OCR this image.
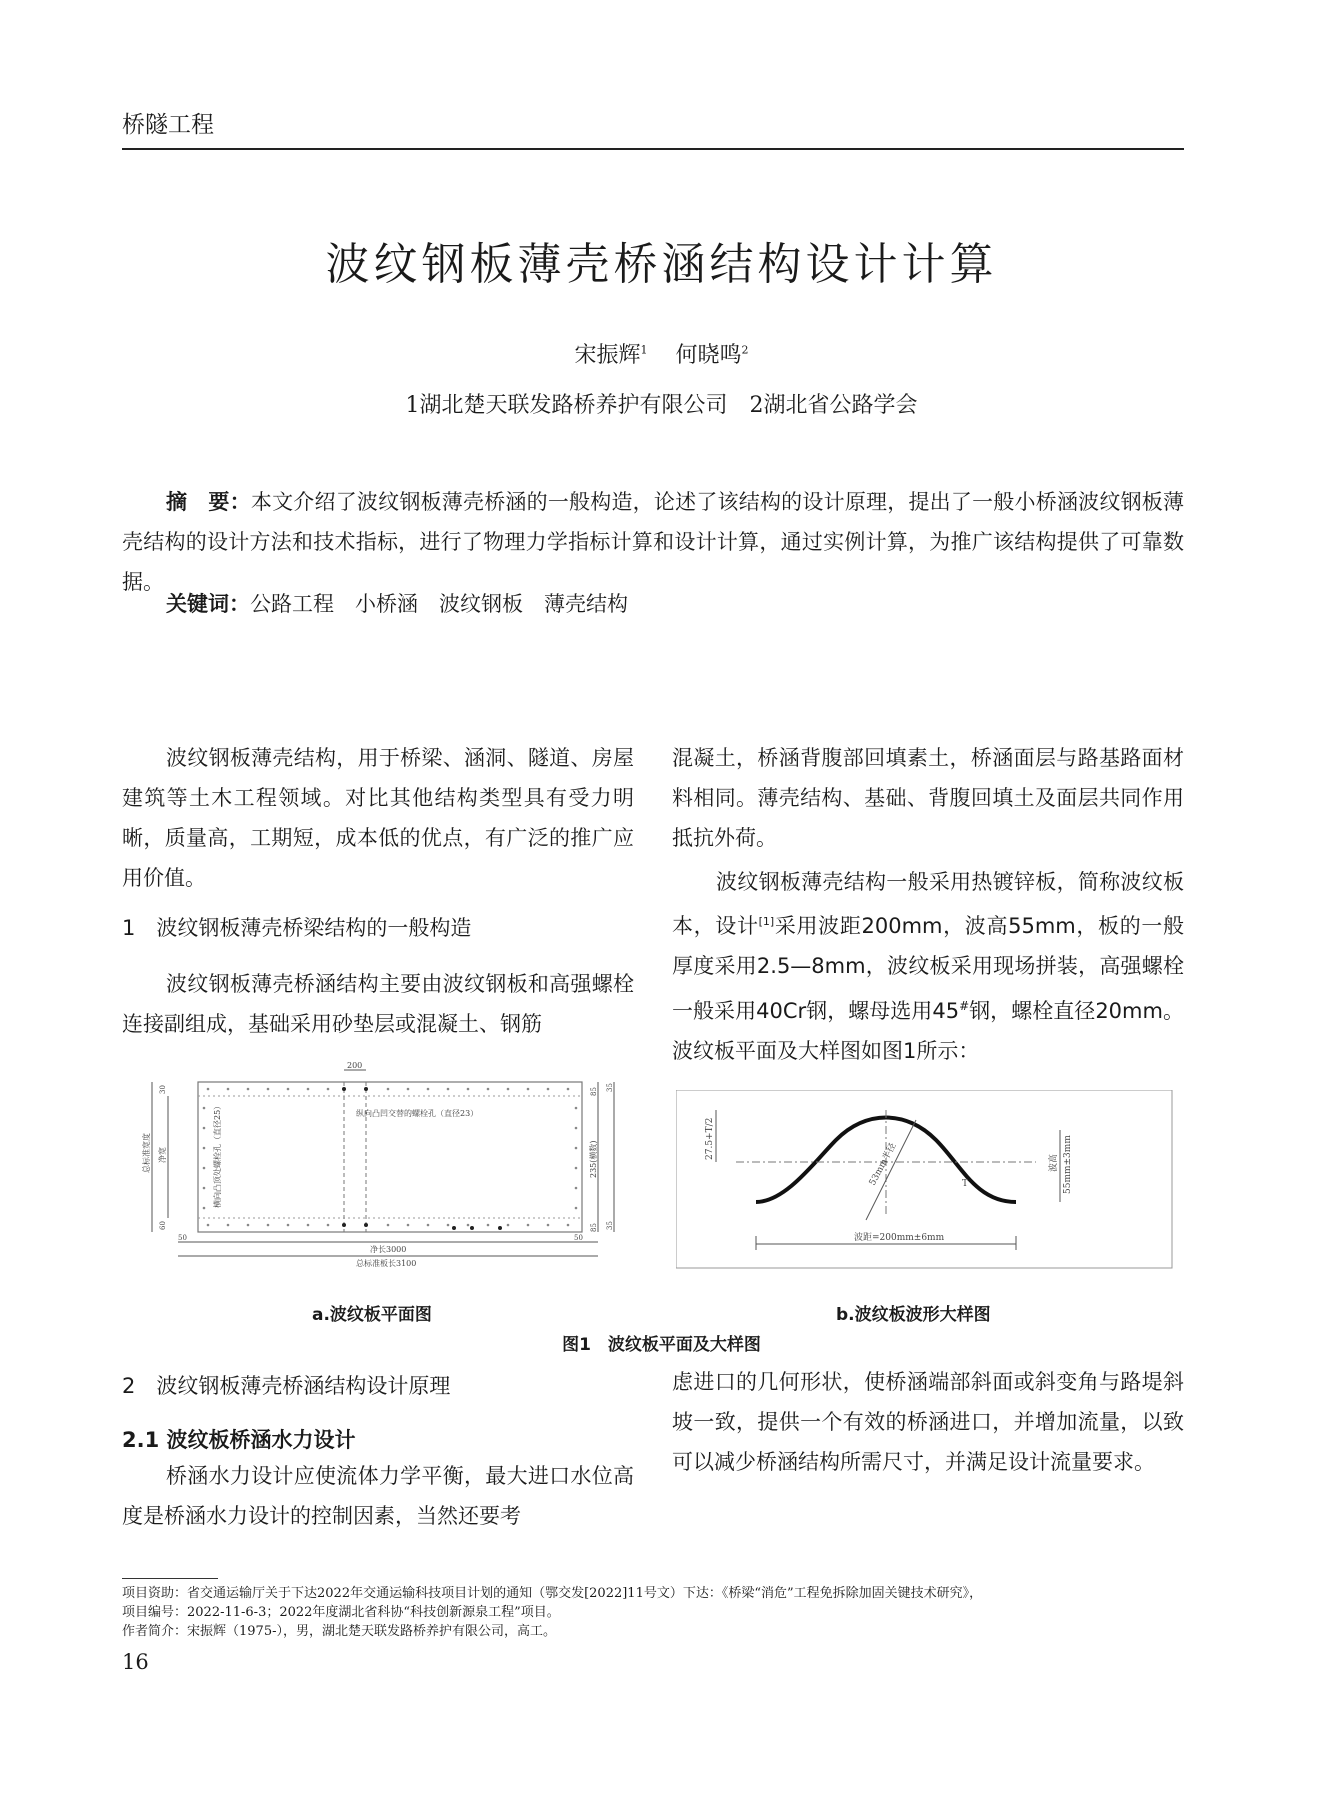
桥隧工程
波纹钢板薄壳桥涵结构设计计算
宋振辉$^1$ 何晓鸣$^2$
1湖北楚天联发路桥养护有限公司　2湖北省公路学会

摘　要：本文介绍了波纹钢板薄壳桥涵的一般构造，论述了该结构的设计原理，提出了一般小桥涵波纹钢板薄壳结构的设计方法和技术指标，进行了物理力学指标计算和设计计算，通过实例计算，为推广该结构提供了可靠数据。

关键词：公路工程　小桥涵　波纹钢板　薄壳结构

波纹钢板薄壳结构，用于桥梁、涵洞、隧道、房屋建筑等土木工程领域。对比其他结构类型具有受力明晰，质量高，工期短，成本低的优点，有广泛的推广应用价值。

1　波纹钢板薄壳桥梁结构的一般构造

波纹钢板薄壳桥涵结构主要由波纹钢板和高强螺栓连接副组成，基础采用砂垫层或混凝土、钢筋

混凝土，桥涵背腹部回填素土，桥涵面层与路基路面材料相同。薄壳结构、基础、背腹回填土及面层共同作用抵抗外荷。

波纹钢板薄壳结构一般采用热镀锌板，简称波纹板本，设计[1]采用波距200mm，波高55mm，板的一般厚度采用2.5—8mm，波纹板采用现场拼装，高强螺栓一般采用40Cr钢，螺母选用45#钢，螺栓直径20mm。波纹板平面及大样图如图1所示：

200
纵向凸凹交替的螺栓孔（直径23）
横向凸顶处螺栓孔（直径25）
总标准宽度 净宽
30
60
85 35
235(横数)
85 35
50	50
净长3000
总标准板长3100
53mm半径	T
27.5+T/2
波高 55mm±3mm
波距=200mm±6mm
a.波纹板平面图	b.波纹板波形大样图
图1　波纹板平面及大样图
2　波纹钢板薄壳桥涵结构设计原理
2.1 波纹板桥涵水力设计

桥涵水力设计应使流体力学平衡，最大进口水位高度是桥涵水力设计的控制因素，当然还要考

虑进口的几何形状，使桥涵端部斜面或斜变角与路堤斜坡一致，提供一个有效的桥涵进口，并增加流量，以致可以减少桥涵结构所需尺寸，并满足设计流量要求。

项目资助：省交通运输厅关于下达2022年交通运输科技项目计划的通知（鄂交发[2022]11号文）下达：《桥梁“消危”工程免拆除加固关键技术研究》，
项目编号：2022-11-6-3；2022年度湖北省科协“科技创新源泉工程”项目。
作者简介：宋振辉（1975-），男，湖北楚天联发路桥养护有限公司，高工。
16
